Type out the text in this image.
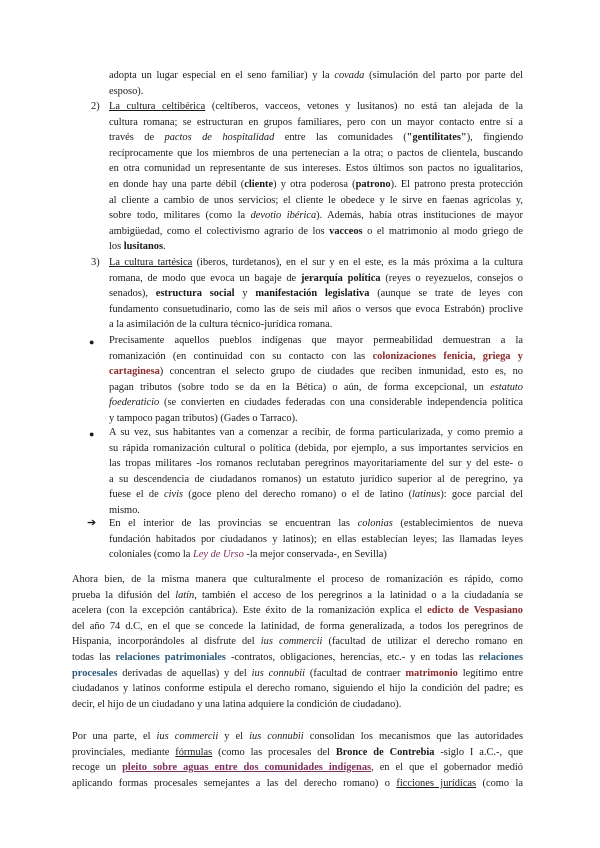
adopta un lugar especial en el seno familiar) y la covada (simulación del parto por parte del
esposo).
2) La cultura celtibérica (celtíberos, vacceos, vetones y lusitanos) no está tan alejada de la
cultura romana; se estructuran en grupos familiares, pero con un mayor contacto entre sí a
través de pactos de hospitalidad entre las comunidades ("gentilitates"), fingiendo
recíprocamente que los miembros de una pertenecían a la otra; o pactos de clientela, buscando
en otra comunidad un representante de sus intereses. Estos últimos son pactos no igualitarios,
en donde hay una parte débil (cliente) y otra poderosa (patrono). El patrono presta protección
al cliente a cambio de unos servicios; el cliente le obedece y le sirve en faenas agrícolas y,
sobre todo, militares (como la devotio ibérica). Además, había otras instituciones de mayor
ambigüedad, como el colectivismo agrario de los vacceos o el matrimonio al modo griego de
los lusitanos.
3) La cultura tartésica (iberos, turdetanos), en el sur y en el este, es la más próxima a la cultura
romana, de modo que evoca un bagaje de jerarquía política (reyes o reyezuelos, consejos o
senados), estructura social y manifestación legislativa (aunque se trate de leyes con
fundamento consuetudinario, como las de seis mil años o versos que evoca Estrabón) proclive
a la asimilación de la cultura técnico-jurídica romana.
● Precisamente aquellos pueblos indígenas que mayor permeabilidad demuestran a la
romanización (en continuidad con su contacto con las colonizaciones fenicia, griega y
cartaginesa) concentran el selecto grupo de ciudades que reciben inmunidad, esto es, no
pagan tributos (sobre todo se da en la Bética) o aún, de forma excepcional, un estatuto
foederaticio (se convierten en ciudades federadas con una considerable independencia política
y tampoco pagan tributos) (Gades o Tarraco).
● A su vez, sus habitantes van a comenzar a recibir, de forma particularizada, y como premio a
su rápida romanización cultural o política (debida, por ejemplo, a sus importantes servicios en
las tropas militares -los romanos reclutaban peregrinos mayoritariamente del sur y del este- o
a su descendencia de ciudadanos romanos) un estatuto jurídico superior al de peregrino, ya
fuese el de civis (goce pleno del derecho romano) o el de latino (latinus): goce parcial del
mismo.
➔ En el interior de las provincias se encuentran las colonias (establecimientos de nueva
fundación habitados por ciudadanos y latinos); en ellas establecían leyes; las llamadas leyes
coloniales (como la Ley de Urso -la mejor conservada-, en Sevilla)
Ahora bien, de la misma manera que culturalmente el proceso de romanización es rápido, como
prueba la difusión del latín, también el acceso de los peregrinos a la latinidad o a la ciudadanía se
acelera (con la excepción cantábrica). Este éxito de la romanización explica el edicto de Vespasiano
del año 74 d.C, en el que se concede la latinidad, de forma generalizada, a todos los peregrinos de
Hispania, incorporándoles al disfrute del ius commercii (facultad de utilizar el derecho romano en
todas las relaciones patrimoniales -contratos, obligaciones, herencias, etc.- y en todas las relaciones
procesales derivadas de aquellas) y del ius connubii (facultad de contraer matrimonio legítimo entre
ciudadanos y latinos conforme estipula el derecho romano, siguiendo el hijo la condición del padre; es
decir, el hijo de un ciudadano y una latina adquiere la condición de ciudadano).
Por una parte, el ius commercii y el ius connubii consolidan los mecanismos que las autoridades
provinciales, mediante fórmulas (como las procesales del Bronce de Contrebia -siglo I a.C.-, que
recoge un pleito sobre aguas entre dos comunidades indígenas, en el que el gobernador medió
aplicando formas procesales semejantes a las del derecho romano) o ficciones jurídicas (como la
